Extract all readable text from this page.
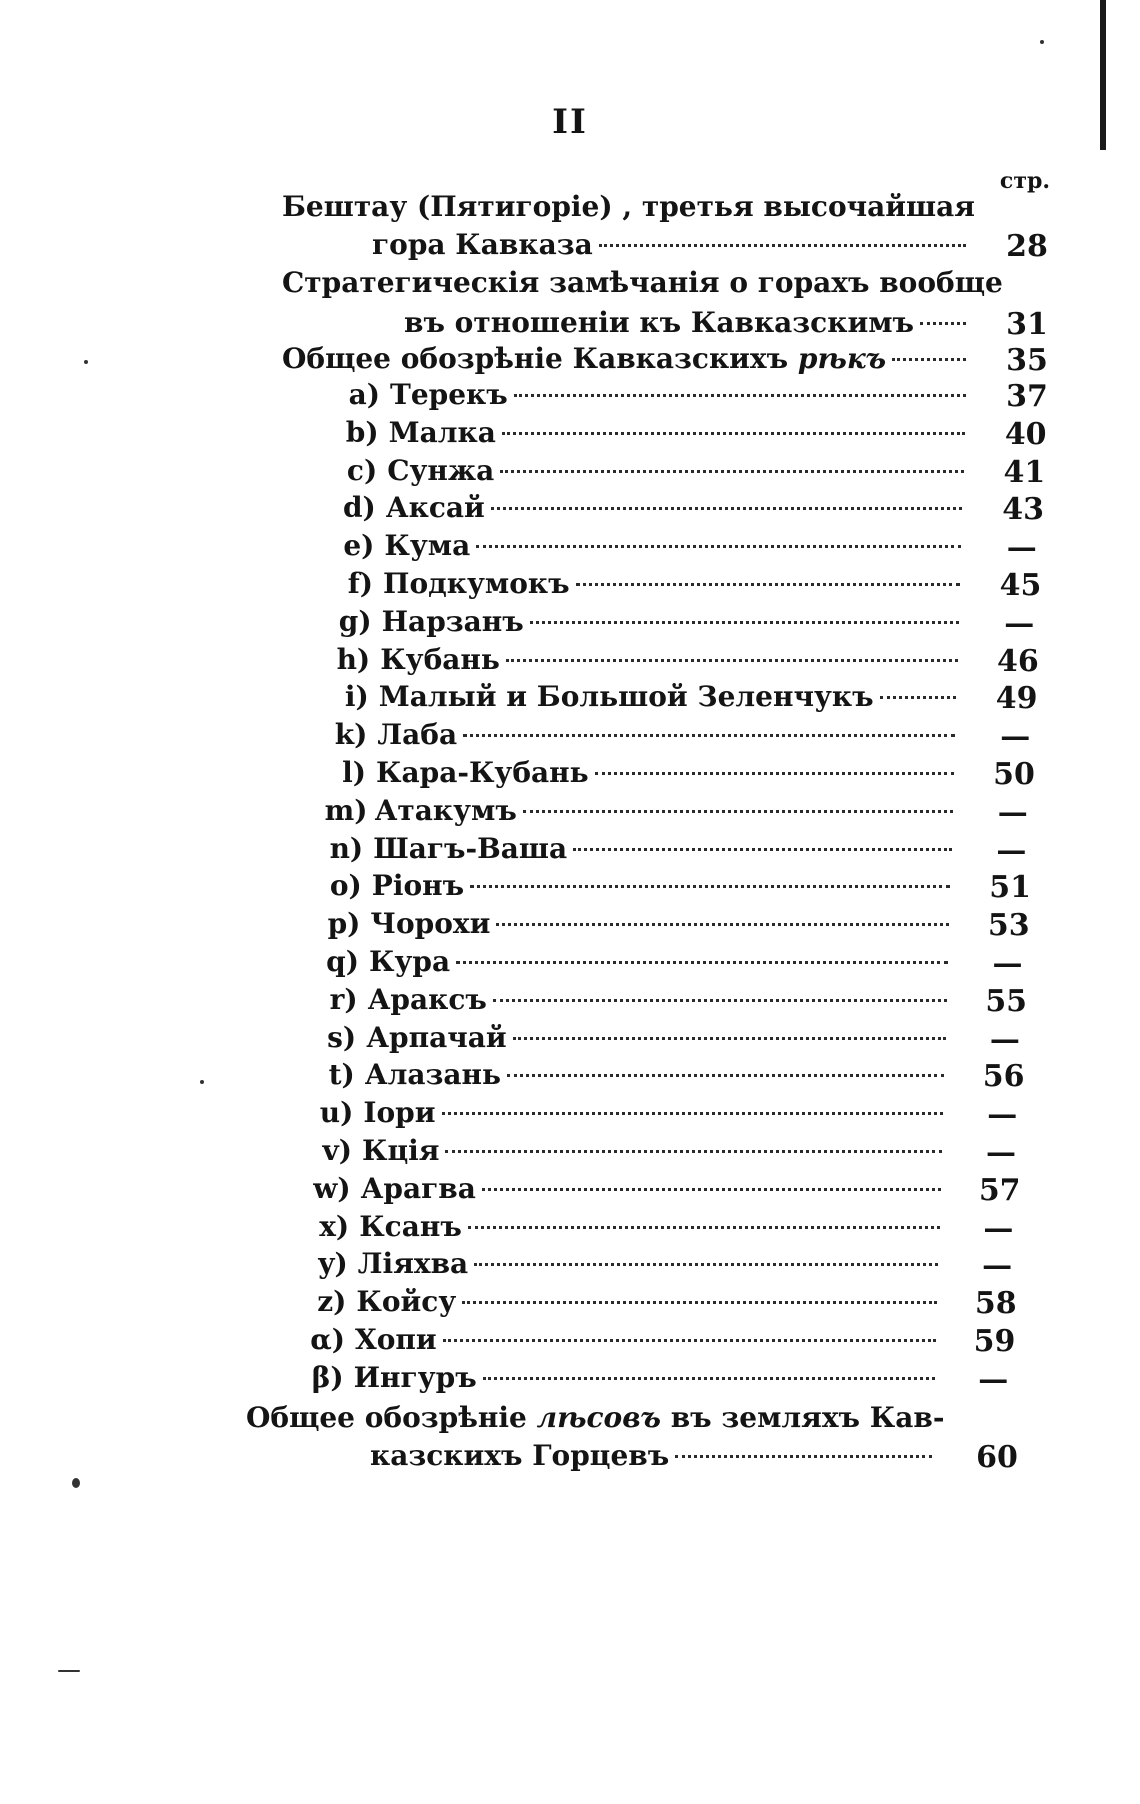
II
стр.
Бештау (Пятигоріе) , третья высочайшая
гора Кавказа	28
Стратегическія замѣчанія о горахъ вообще
въ отношеніи къ Кавказскимъ	31
Общее обозрѣніе Кавказскихъ рѣкъ	35
a) Терекъ	37
b) Малка	40
c) Сунжа	41
d) Аксай	43
e) Кума	—
f) Подкумокъ	45
g) Нарзанъ	—
h) Кубань	46
i) Малый и Большой Зеленчукъ	49
k) Лаба	—
l) Кара-Кубань	50
m) Атакумъ	—
n) Шагъ-Ваша	—
o) Ріонъ	51
p) Чорохи	53
q) Кура	—
r) Араксъ	55
s) Арпачай	—
t) Алазань	56
u) Іори	—
v) Кція	—
w) Арагва	57
x) Ксанъ	—
y) Ліяхва	—
z) Койсу	58
α) Хопи	59
β) Ингуръ	—
Общее обозрѣніе лѣсовъ въ земляхъ Кав-
казскихъ Горцевъ	60
